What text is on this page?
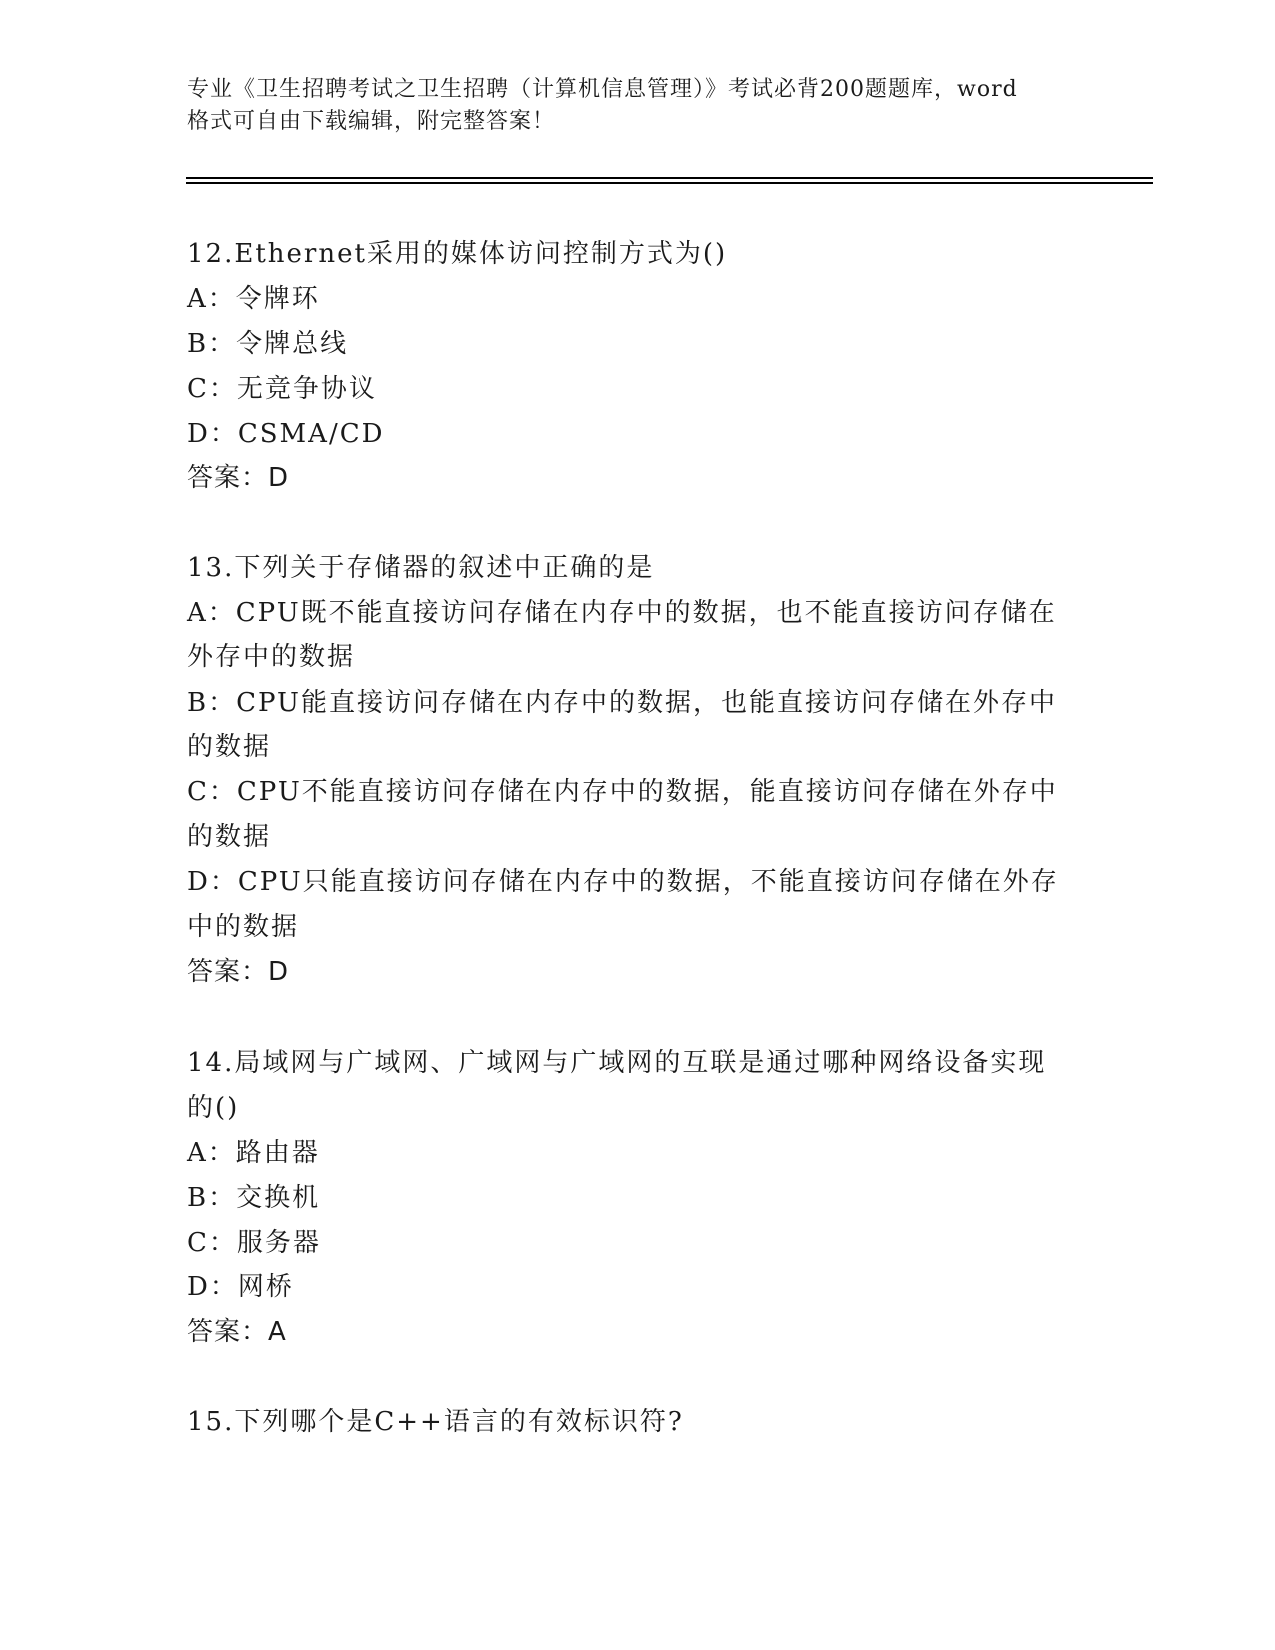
专业《卫生招聘考试之卫生招聘（计算机信息管理）》考试必背200题题库，word
格式可自由下载编辑，附完整答案！
12.Ethernet采用的媒体访问控制方式为()
A：令牌环
B：令牌总线
C：无竞争协议
D：CSMA/CD
答案：D
13.下列关于存储器的叙述中正确的是
A：CPU既不能直接访问存储在内存中的数据，也不能直接访问存储在
外存中的数据
B：CPU能直接访问存储在内存中的数据，也能直接访问存储在外存中
的数据
C：CPU不能直接访问存储在内存中的数据，能直接访问存储在外存中
的数据
D：CPU只能直接访问存储在内存中的数据，不能直接访问存储在外存
中的数据
答案：D
14.局域网与广域网、广域网与广域网的互联是通过哪种网络设备实现
的()
A：路由器
B：交换机
C：服务器
D：网桥
答案：A
15.下列哪个是C++语言的有效标识符?
